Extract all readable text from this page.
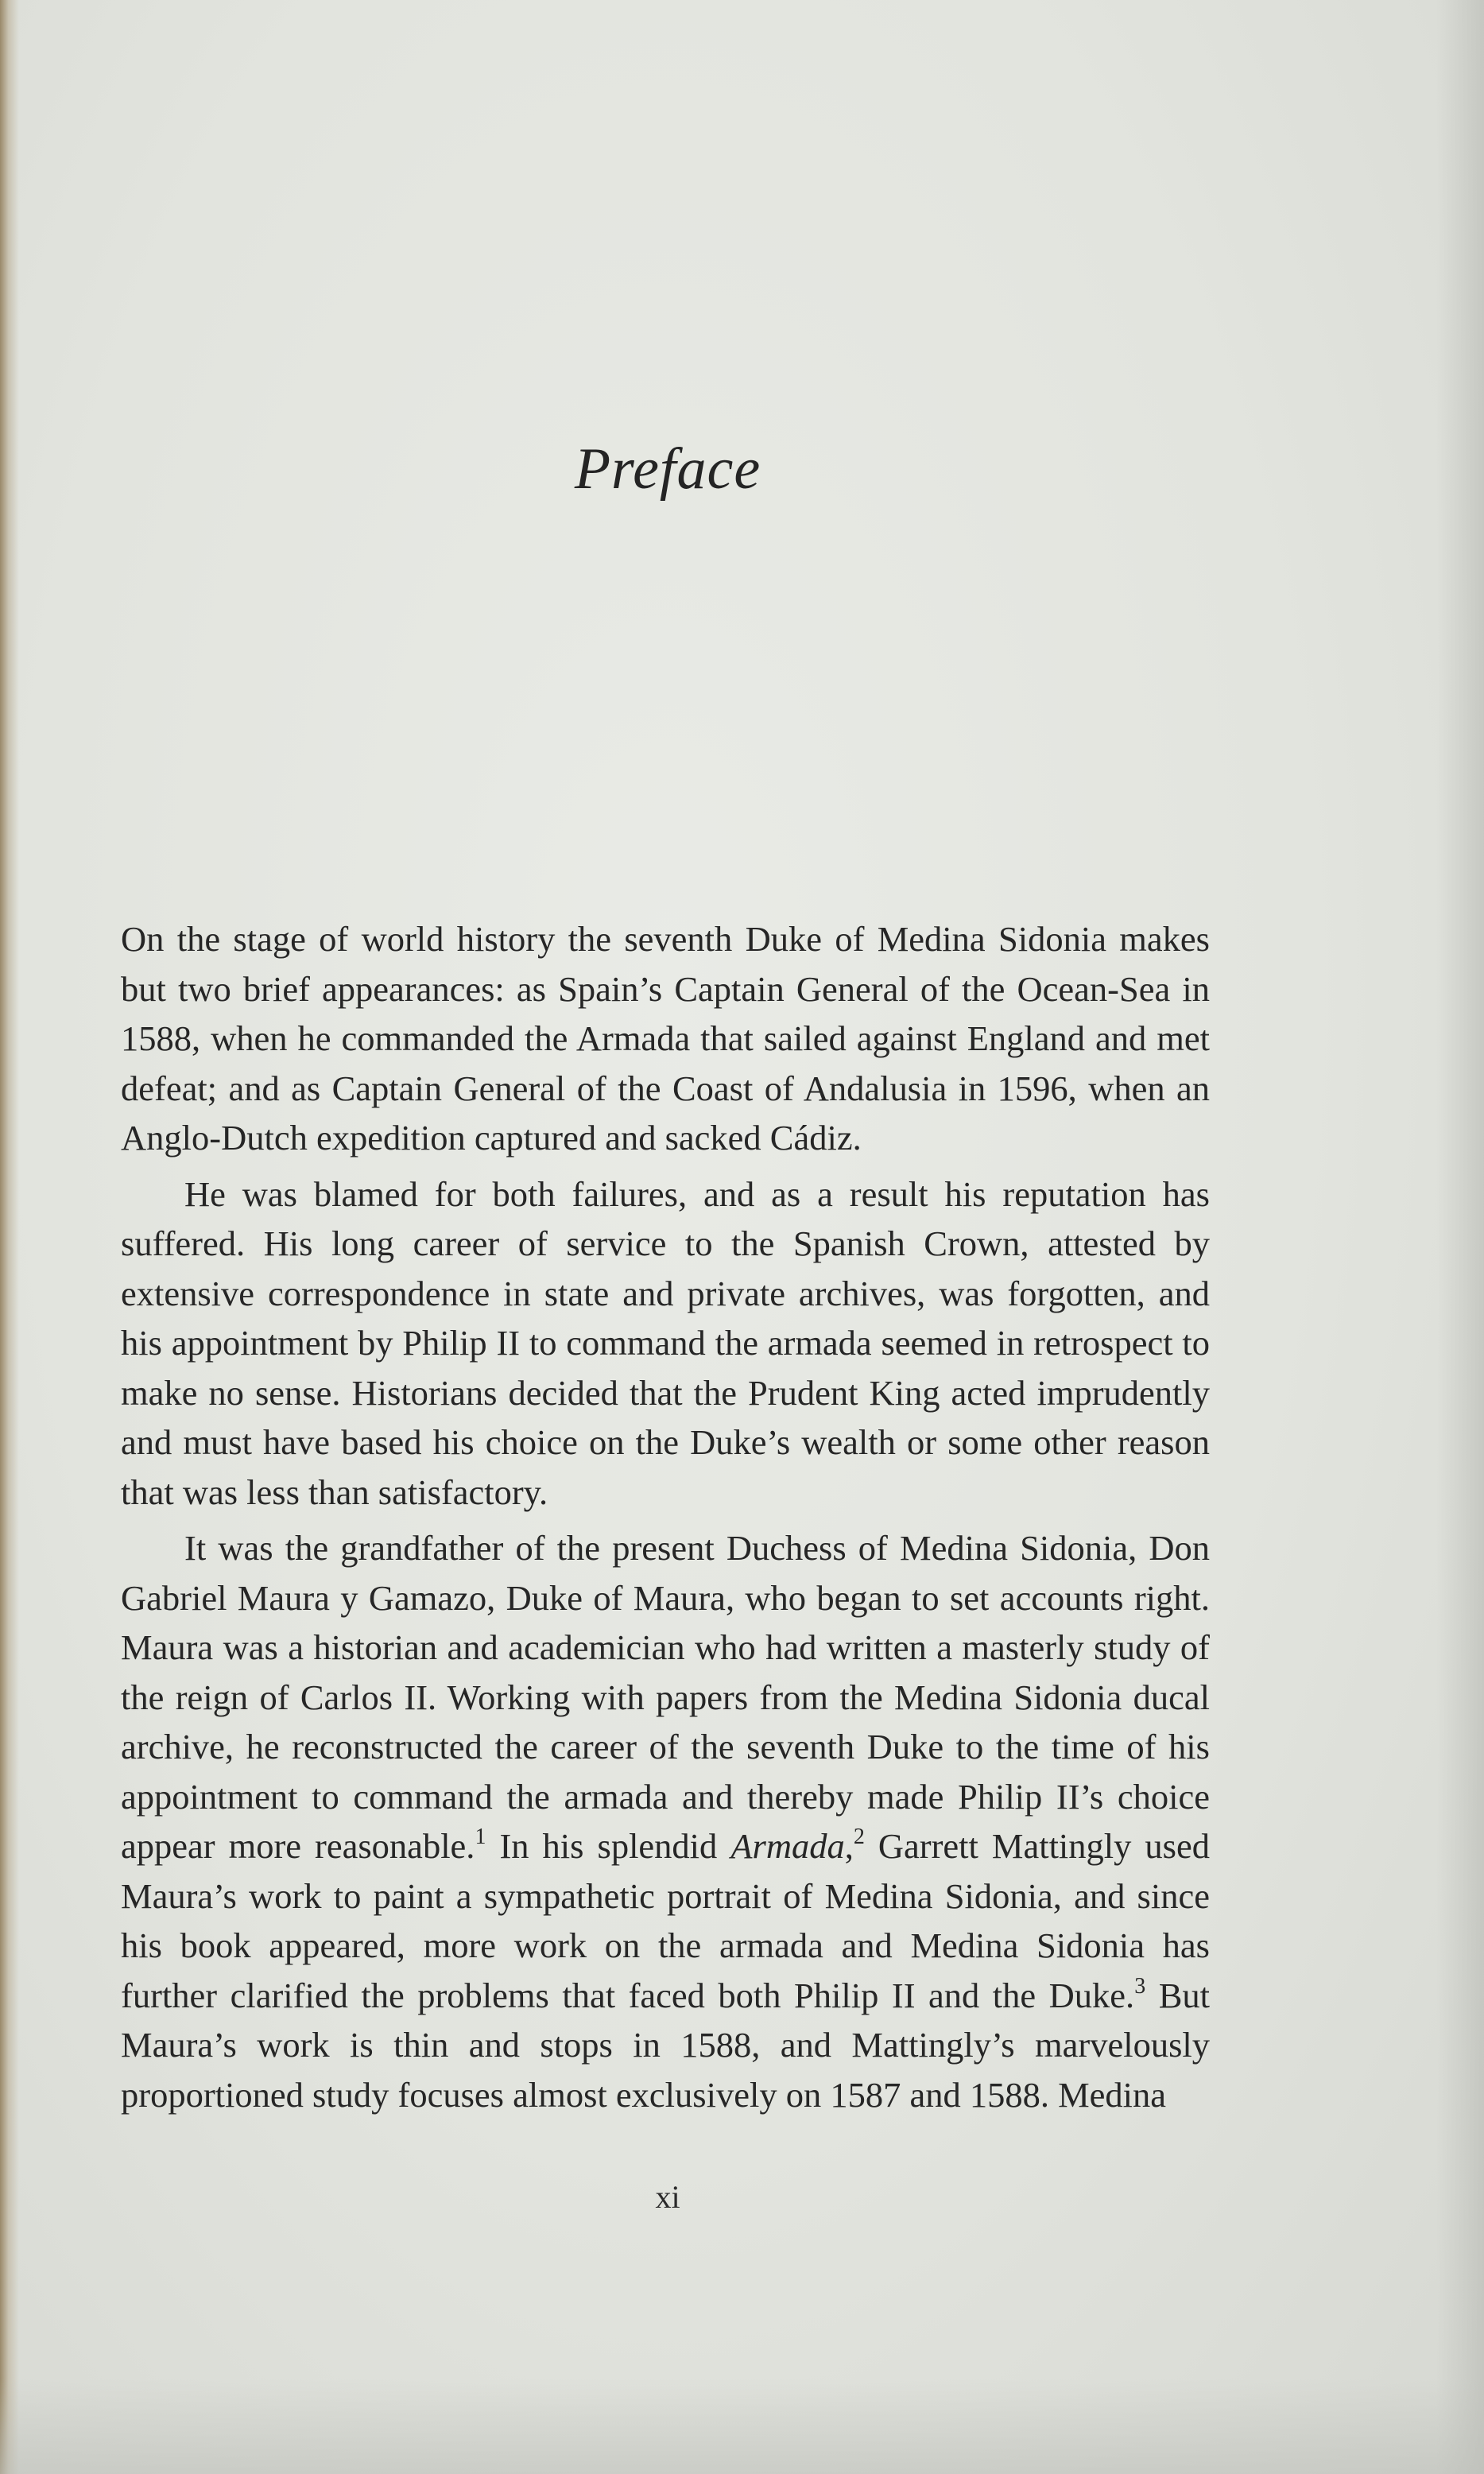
Preface

On the stage of world history the seventh Duke of Medina Sidonia makes but two brief appearances: as Spain’s Captain General of the Ocean-Sea in 1588, when he commanded the Armada that sailed against England and met defeat; and as Captain General of the Coast of Andalusia in 1596, when an Anglo-Dutch expedition captured and sacked Cádiz.

He was blamed for both failures, and as a result his reputation has suffered. His long career of service to the Spanish Crown, attested by extensive correspondence in state and private archives, was forgotten, and his appointment by Philip II to command the armada seemed in retrospect to make no sense. Historians decided that the Prudent King acted imprudently and must have based his choice on the Duke’s wealth or some other reason that was less than satisfactory.

It was the grandfather of the present Duchess of Medina Sidonia, Don Gabriel Maura y Gamazo, Duke of Maura, who began to set accounts right. Maura was a historian and academician who had written a masterly study of the reign of Carlos II. Working with papers from the Medina Sidonia ducal archive, he reconstructed the career of the seventh Duke to the time of his appointment to command the armada and thereby made Philip II’s choice appear more reasonable.$^1$ In his splendid Armada,$^2$ Garrett Mattingly used Maura’s work to paint a sympathetic portrait of Medina Sidonia, and since his book appeared, more work on the armada and Medina Sidonia has further clarified the problems that faced both Philip II and the Duke.$^3$ But Maura’s work is thin and stops in 1588, and Mattingly’s marvelously proportioned study focuses almost exclusively on 1587 and 1588. Medina

xi
